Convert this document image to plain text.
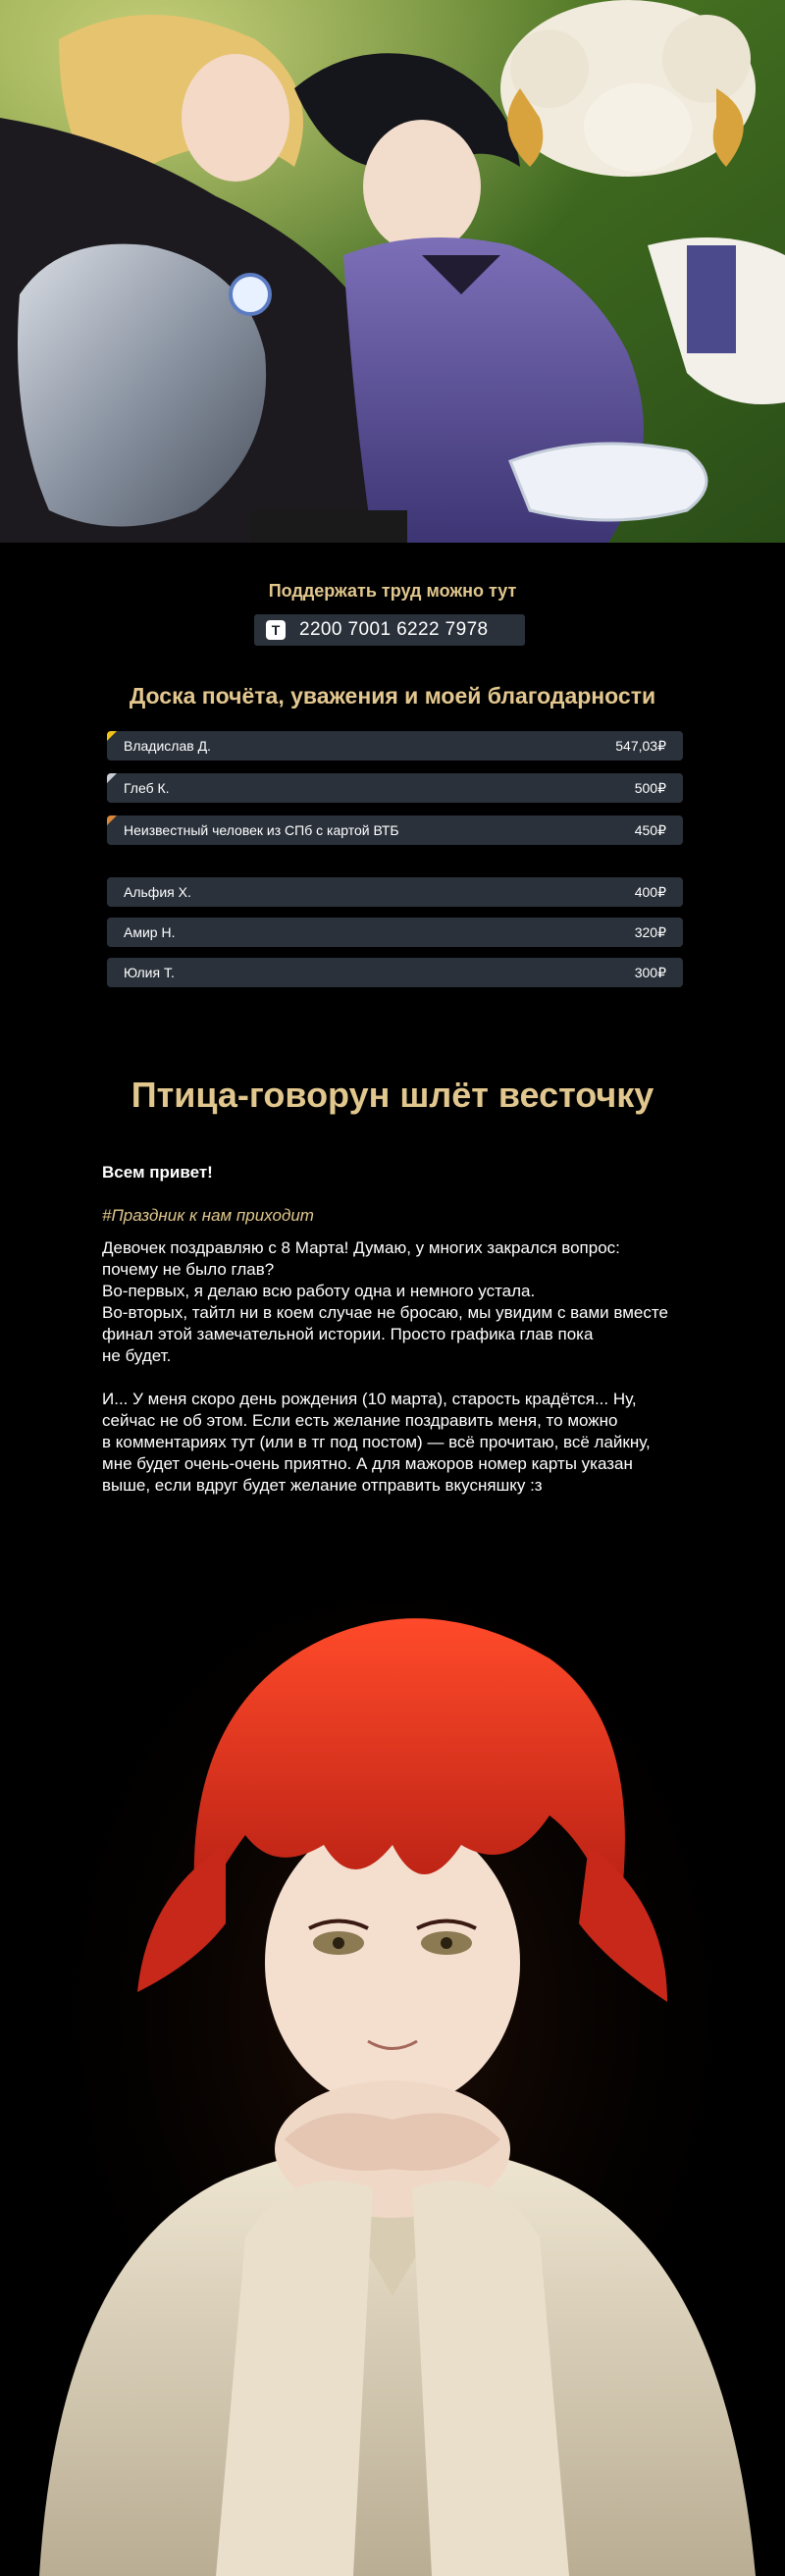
Поддержать труд можно тут
T	2200 7001 6222 7978
Доска почёта, уважения и моей благодарности
Владислав Д.	547,03₽
Глеб К.	500₽
Неизвестный человек из СПб с картой ВТБ	450₽
Альфия Х.	400₽
Амир Н.	320₽
Юлия Т.	300₽
Птица-говорун шлёт весточку
Всем привет!
#Праздник к нам приходит
Девочек поздравляю с 8 Марта! Думаю, у многих закрался вопрос:
почему не было глав?
Во-первых, я делаю всю работу одна и немного устала.
Во-вторых, тайтл ни в коем случае не бросаю, мы увидим с вами вместе
финал этой замечательной истории. Просто графика глав пока
не будет.
И... У меня скоро день рождения (10 марта), старость крадётся... Ну,
сейчас не об этом. Если есть желание поздравить меня, то можно
в комментариях тут (или в тг под постом) — всё прочитаю, всё лайкну,
мне будет очень-очень приятно. А для мажоров номер карты указан
выше, если вдруг будет желание отправить вкусняшку :з
